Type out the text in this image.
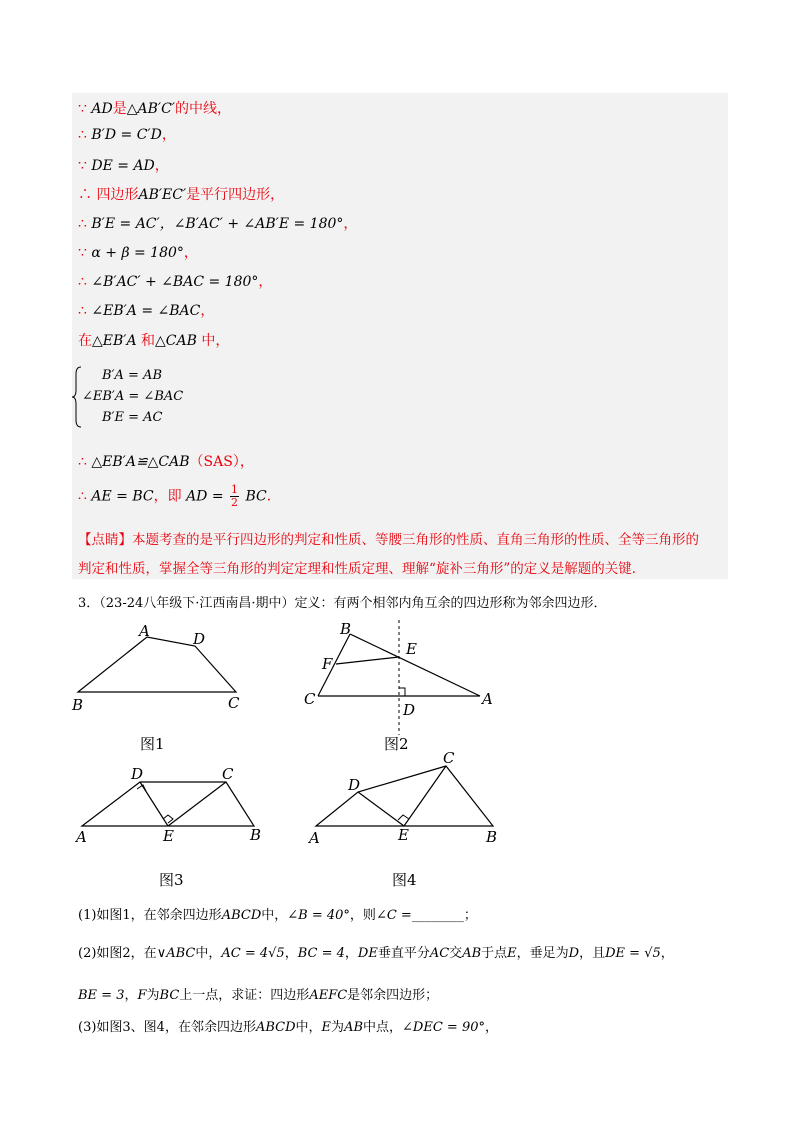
∵ AD是△AB′C′的中线，
∴ B′D = C′D，
∵ DE = AD，
∴ 四边形AB′EC′是平行四边形，
∴ B′E = AC′，∠B′AC′ + ∠AB′E = 180°，
∵ α + β = 180°，
∴ ∠B′AC′ + ∠BAC = 180°，
∴ ∠EB′A = ∠BAC，
在△EB′A 和△CAB 中，
B′A = AB
∠EB′A = ∠BAC
B′E = AC
∴ △EB′A≌△CAB（SAS），
∴ AE = BC，即 AD = $\frac{1}{2}$ BC．
【点睛】本题考查的是平行四边形的判定和性质、等腰三角形的性质、直角三角形的性质、全等三角形的
判定和性质，掌握全等三角形的判定定理和性质定理、理解“旋补三角形”的定义是解题的关键．
3．（23-24八年级下·江西南昌·期中）定义：有两个相邻内角互余的四边形称为邻余四边形．
A	D
B	C
B
E
F
C	A
D
D	C
A	E	B
D
C
A	E	B
图1	图2
图3	图4
(1)如图1，在邻余四边形ABCD中，∠B = 40°，则∠C =________；
(2)如图2，在∨ABC中，AC = 4√5，BC = 4，DE垂直平分AC交AB于点E，垂足为D，且DE = √5，
BE = 3，F为BC上一点，求证：四边形AEFC是邻余四边形；
(3)如图3、图4，在邻余四边形ABCD中，E为AB中点，∠DEC = 90°，
